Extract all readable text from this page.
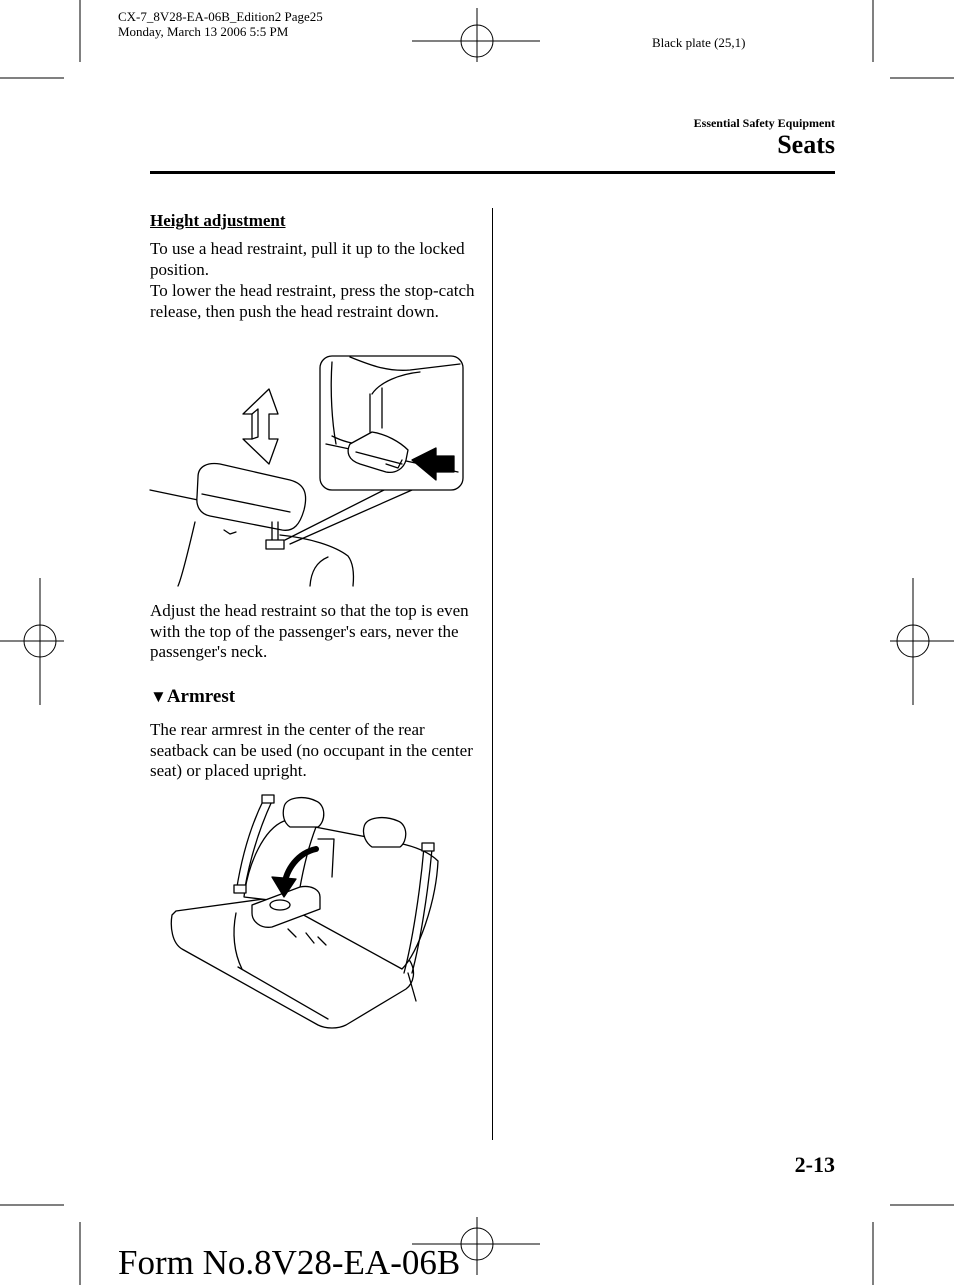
CX-7_8V28-EA-06B_Edition2 Page25
Monday, March 13 2006 5:5 PM
Black plate (25,1)
Essential Safety Equipment
Seats
Height adjustment
To use a head restraint, pull it up to the locked position.
To lower the head restraint, press the stop-catch release, then push the head restraint down.
Adjust the head restraint so that the top is even with the top of the passenger's ears, never the passenger's neck.
▼Armrest
The rear armrest in the center of the rear seatback can be used (no occupant in the center seat) or placed upright.
2-13
Form No.8V28-EA-06B
